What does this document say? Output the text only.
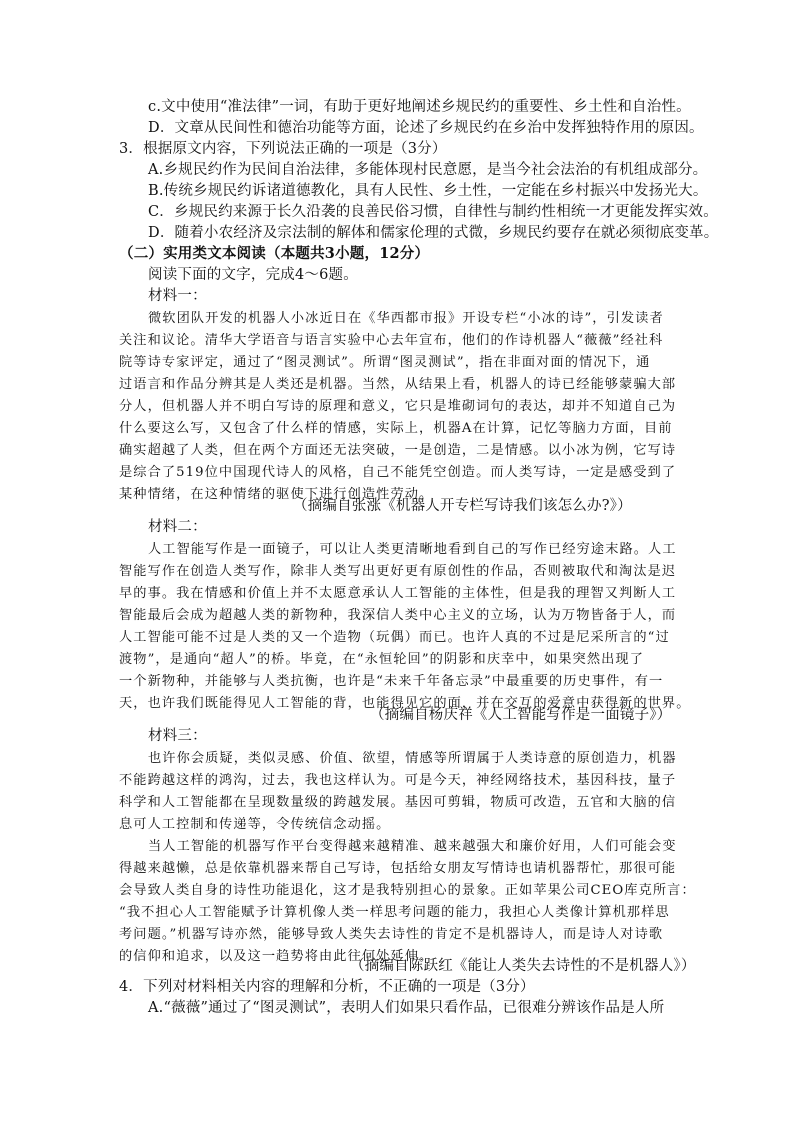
c.文中使用“准法律”一词，有助于更好地阐述乡规民约的重要性、乡土性和自治性。
D．文章从民间性和德治功能等方面，论述了乡规民约在乡治中发挥独特作用的原因。
3．根据原文内容，下列说法正确的一项是（3分）
A.乡规民约作为民间自治法律，多能体现村民意愿，是当今社会法治的有机组成部分。
B.传统乡规民约诉诸道德教化，具有人民性、乡土性，一定能在乡村振兴中发扬光大。
C．乡规民约来源于长久沿袭的良善民俗习惯，自律性与制约性相统一才更能发挥实效。
D．随着小农经济及宗法制的解体和儒家伦理的式微，乡规民约要存在就必须彻底变革。
（二）实用类文本阅读（本题共3小题，12分）
阅读下面的文字，完成4～6题。
材料一：
微软团队开发的机器人小冰近日在《华西都市报》开设专栏“小冰的诗”，引发读者
关注和议论。清华大学语音与语言实验中心去年宣布，他们的作诗机器人“薇薇”经社科
院等诗专家评定，通过了“图灵测试”。所谓“图灵测试”，指在非面对面的情况下，通
过语言和作品分辨其是人类还是机器。当然，从结果上看，机器人的诗已经能够蒙骗大部
分人，但机器人并不明白写诗的原理和意义，它只是堆砌词句的表达，却并不知道自己为
什么要这么写，又包含了什么样的情感，实际上，机器A在计算，记忆等脑力方面，目前
确实超越了人类，但在两个方面还无法突破，一是创造，二是情感。以小冰为例，它写诗
是综合了519位中国现代诗人的风格，自己不能凭空创造。而人类写诗，一定是感受到了
某种情绪，在这种情绪的驱使下进行创造性劳动。
（摘编自张涨《机器人开专栏写诗我们该怎么办?》）
材料二：
人工智能写作是一面镜子，可以让人类更清晰地看到自己的写作已经穷途末路。人工
智能写作在创造人类写作，除非人类写出更好更有原创性的作品，否则被取代和淘汰是迟
早的事。我在情感和价值上并不太愿意承认人工智能的主体性，但是我的理智又判断人工
智能最后会成为超越人类的新物种，我深信人类中心主义的立场，认为万物皆备于人，而
人工智能可能不过是人类的又一个造物（玩偶）而已。也许人真的不过是尼采所言的“过
渡物”，是通向“超人”的桥。毕竟，在“永恒轮回”的阴影和庆幸中，如果突然出现了
一个新物种，并能够与人类抗衡，也许是“未来千年备忘录”中最重要的历史事件，有一
天，也许我们既能得见人工智能的背，也能得见它的面，并在交互的爱意中获得新的世界。
（摘编自杨庆祥《人工智能写作是一面镜子》）
材料三：
也许你会质疑，类似灵感、价值、欲望，情感等所谓属于人类诗意的原创造力，机器
不能跨越这样的鸿沟，过去，我也这样认为。可是今天，神经网络技术，基因科技，量子
科学和人工智能都在呈现数量级的跨越发展。基因可剪辑，物质可改造，五官和大脑的信
息可人工控制和传递等，令传统信念动摇。
当人工智能的机器写作平台变得越来越精准、越来越强大和廉价好用，人们可能会变
得越来越懒，总是依靠机器来帮自己写诗，包括给女朋友写情诗也请机器帮忙，那很可能
会导致人类自身的诗性功能退化，这才是我特别担心的景象。正如苹果公司CEO库克所言：
“我不担心人工智能赋予计算机像人类一样思考问题的能力，我担心人类像计算机那样思
考问题。”机器写诗亦然，能够导致人类失去诗性的肯定不是机器诗人，而是诗人对诗歌
的信仰和追求，以及这一趋势将由此往何处延伸。
（摘编自陈跃红《能让人类失去诗性的不是机器人》）
4．下列对材料相关内容的理解和分析，不正确的一项是（3分）
A.“薇薇”通过了“图灵测试”，表明人们如果只看作品，已很难分辨该作品是人所
